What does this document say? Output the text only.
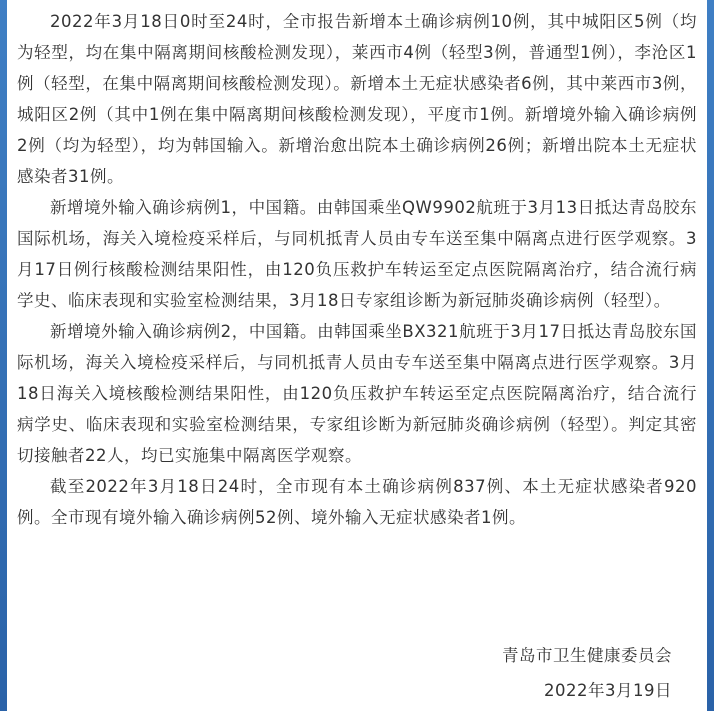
2022年3月18日0时至24时，全市报告新增本土确诊病例10例，其中城阳区5例（均为轻型，均在集中隔离期间核酸检测发现），莱西市4例（轻型3例，普通型1例），李沧区1例（轻型，在集中隔离期间核酸检测发现）。新增本土无症状感染者6例，其中莱西市3例，城阳区2例（其中1例在集中隔离期间核酸检测发现），平度市1例。新增境外输入确诊病例2例（均为轻型），均为韩国输入。新增治愈出院本土确诊病例26例；新增出院本土无症状感染者31例。

新增境外输入确诊病例1，中国籍。由韩国乘坐QW9902航班于3月13日抵达青岛胶东国际机场，海关入境检疫采样后，与同机抵青人员由专车送至集中隔离点进行医学观察。3月17日例行核酸检测结果阳性，由120负压救护车转运至定点医院隔离治疗，结合流行病学史、临床表现和实验室检测结果，3月18日专家组诊断为新冠肺炎确诊病例（轻型）。

新增境外输入确诊病例2，中国籍。由韩国乘坐BX321航班于3月17日抵达青岛胶东国际机场，海关入境检疫采样后，与同机抵青人员由专车送至集中隔离点进行医学观察。3月18日海关入境核酸检测结果阳性，由120负压救护车转运至定点医院隔离治疗，结合流行病学史、临床表现和实验室检测结果，专家组诊断为新冠肺炎确诊病例（轻型）。判定其密切接触者22人，均已实施集中隔离医学观察。

截至2022年3月18日24时，全市现有本土确诊病例837例、本土无症状感染者920例。全市现有境外输入确诊病例52例、境外输入无症状感染者1例。

青岛市卫生健康委员会
2022年3月19日
